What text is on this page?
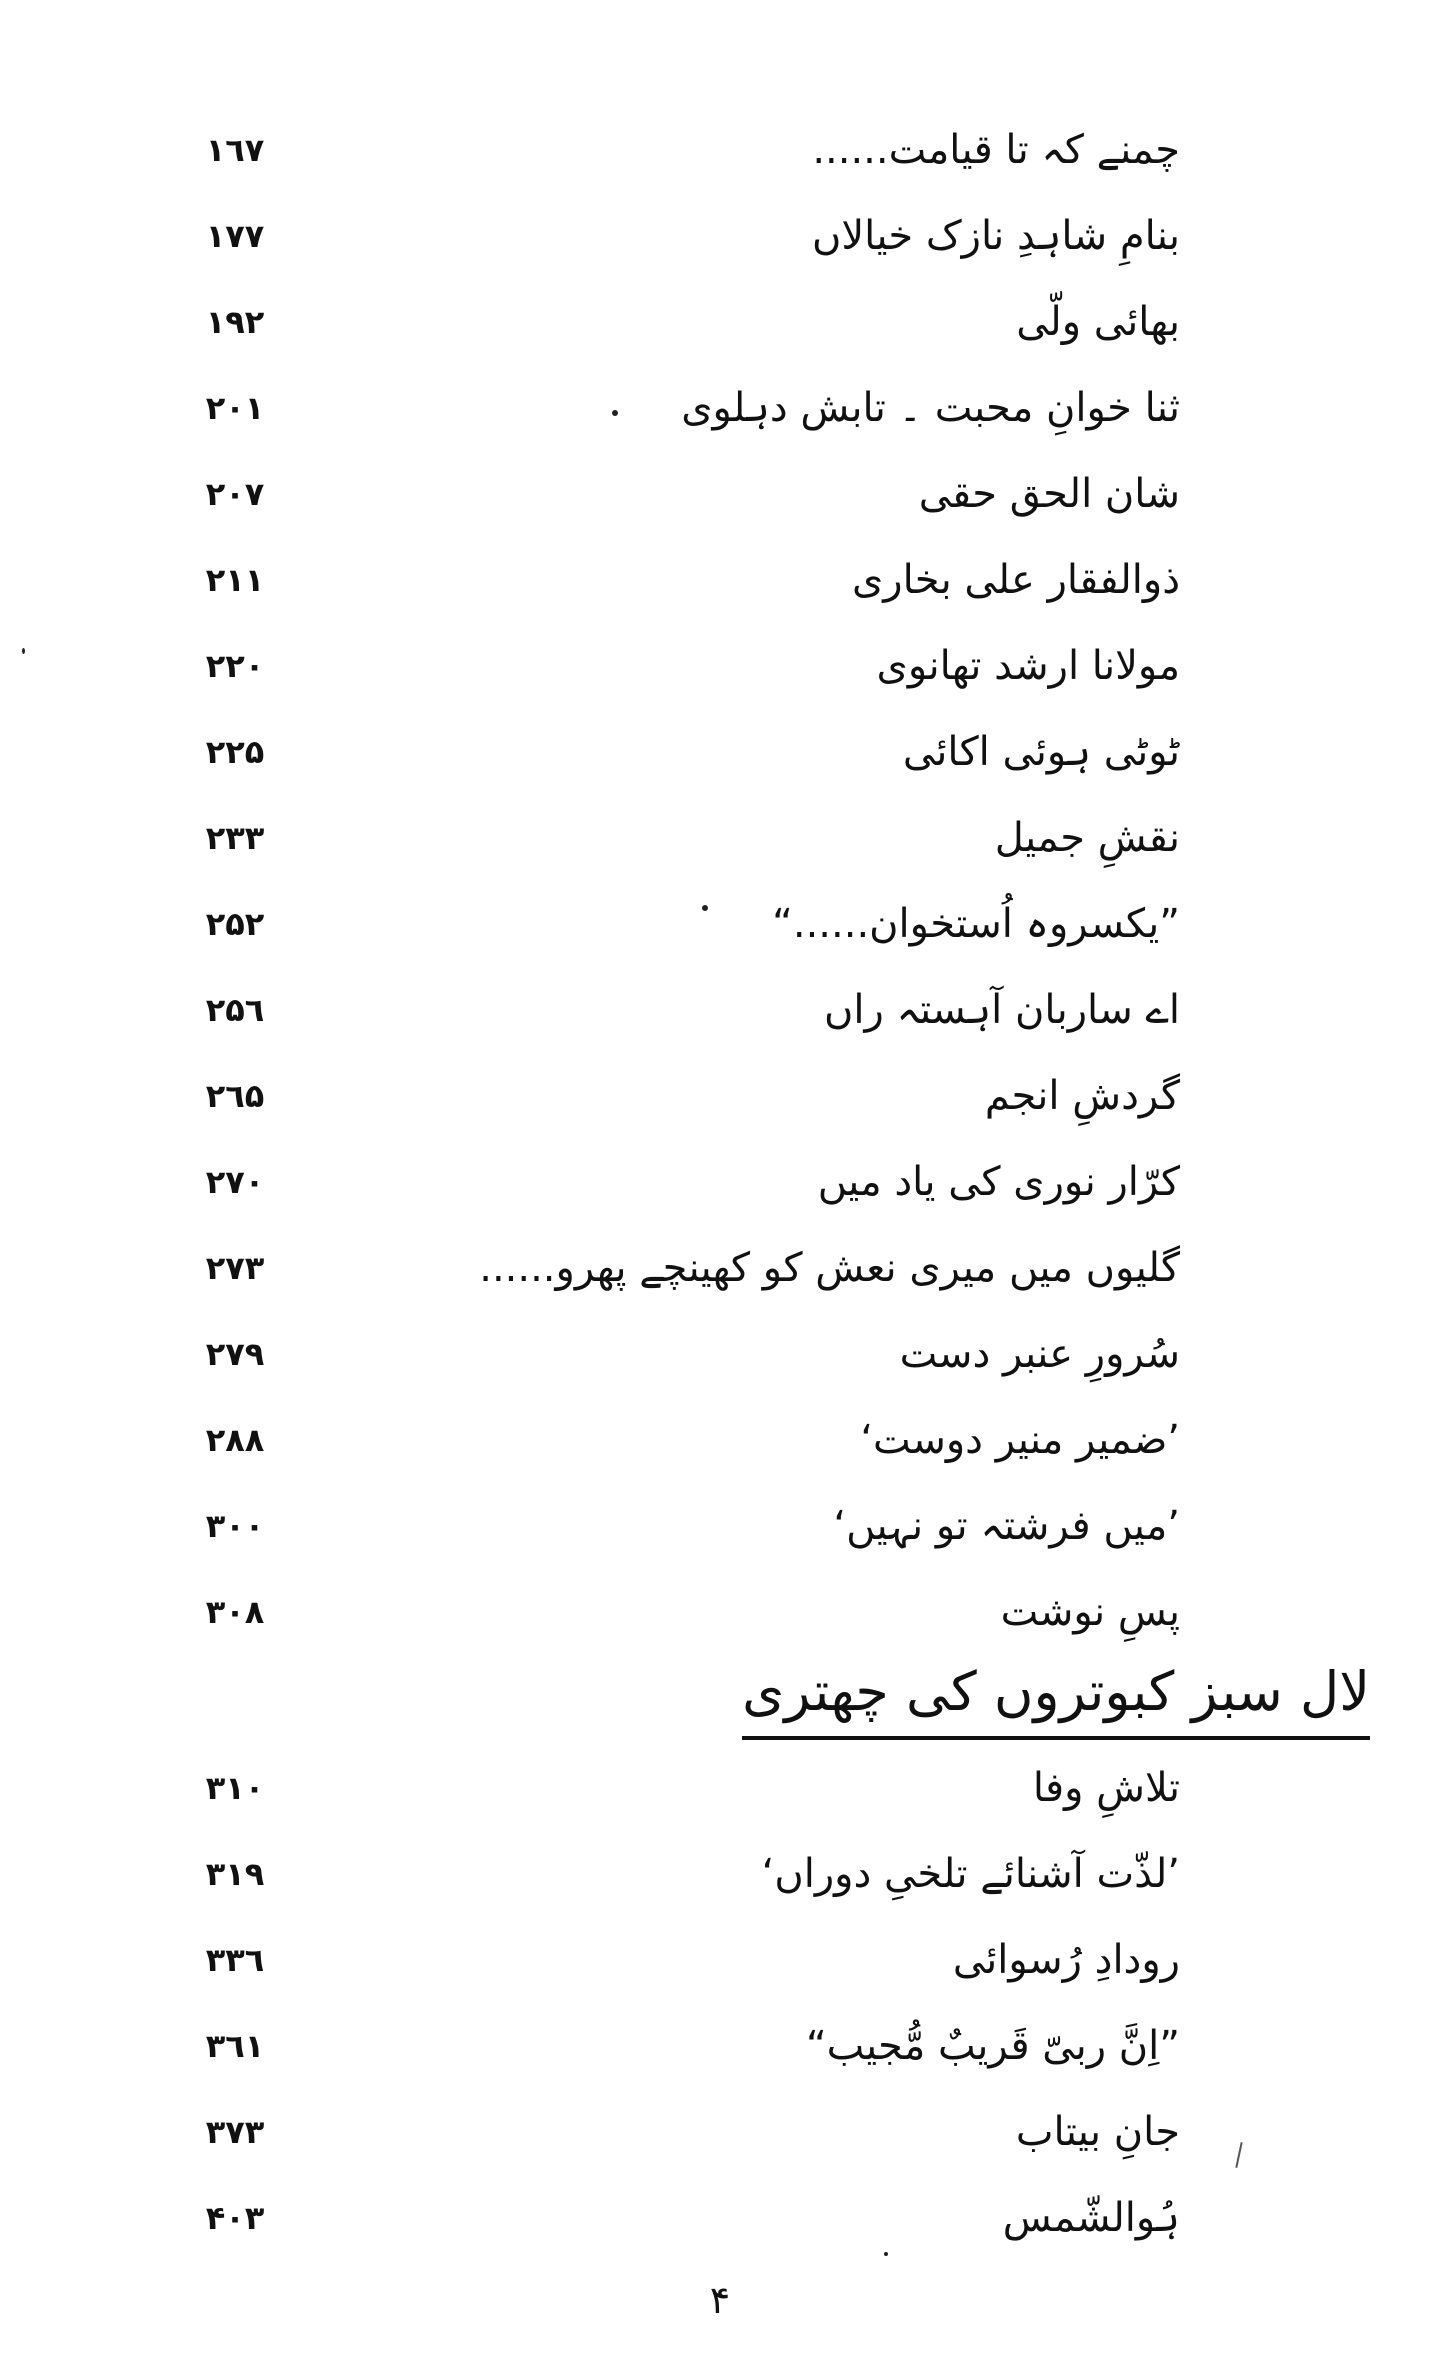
چمنے کہ تا قیامت......
۱٦۷
بنامِ شاہدِ نازک خیالاں
۱۷۷
بھائی ولّی
۱۹۲
ثنا خوانِ محبت ۔ تابش دہلوی
۲۰۱
شان الحق حقی
۲۰۷
ذوالفقار علی بخاری
۲۱۱
مولانا ارشد تھانوی
۲۲۰
ٹوٹی ہوئی اکائی
۲۲۵
نقشِ جمیل
۲۳۳
”یکسروہ اُستخوان......“
۲۵۲
اے ساربان آہستہ راں
۲۵٦
گردشِ انجم
۲٦۵
کرّار نوری کی یاد میں
۲۷۰
گلیوں میں میری نعش کو کھینچے پھرو......
۲۷۳
سُرورِ عنبر دست
۲۷۹
’ضمیر منیر دوست‘
۲۸۸
’میں فرشتہ تو نہیں‘
۳۰۰
پسِ نوشت
۳۰۸
لال سبز کبوتروں کی چھتری
تلاشِ وفا
۳۱۰
’لذّت آشنائے تلخیِ دوراں‘
۳۱۹
رودادِ رُسوائی
۳۳٦
”اِنَّ ربیّ قَریبٌ مُّجیب“
۳٦۱
جانِ بیتاب
۳۷۳
ہُوالشّمس
۴۰۳
۴
